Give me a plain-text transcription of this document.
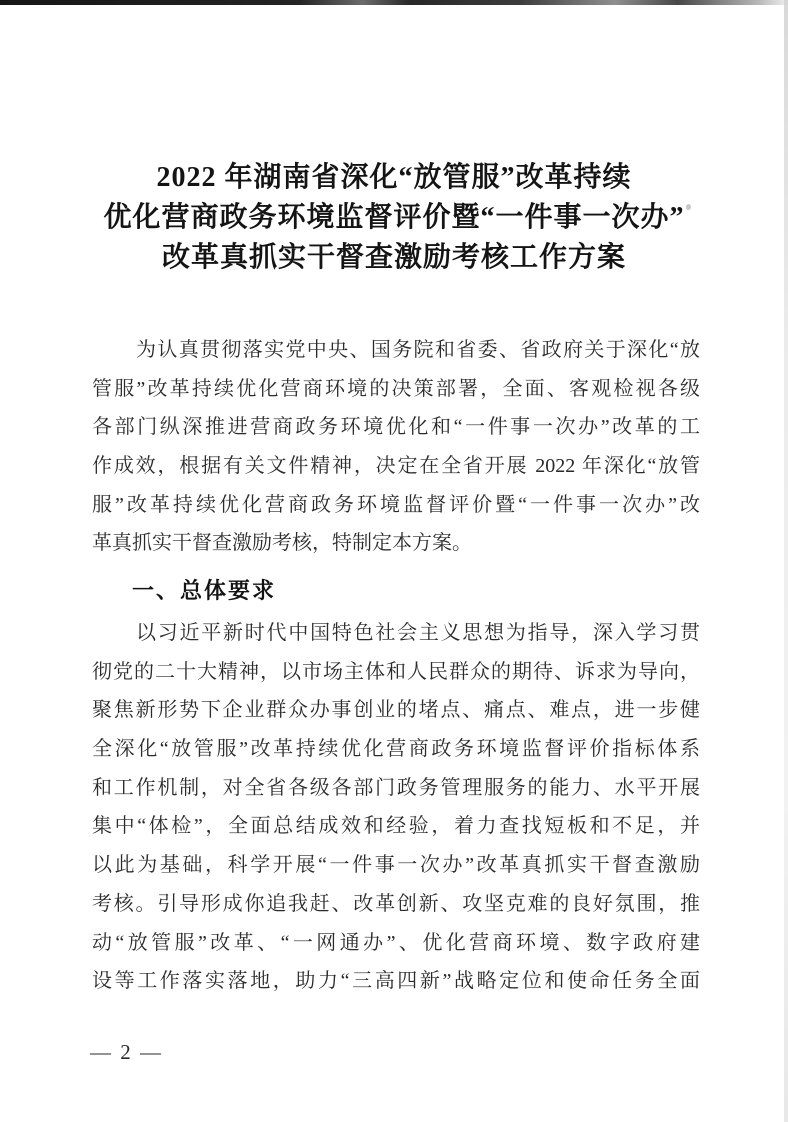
2022 年湖南省深化“放管服”改革持续
优化营商政务环境监督评价暨“一件事一次办”
改革真抓实干督查激励考核工作方案
为认真贯彻落实党中央、国务院和省委、省政府关于深化“放
管服”改革持续优化营商环境的决策部署，全面、客观检视各级
各部门纵深推进营商政务环境优化和“一件事一次办”改革的工
作成效，根据有关文件精神，决定在全省开展 2022 年深化“放管
服”改革持续优化营商政务环境监督评价暨“一件事一次办”改
革真抓实干督查激励考核，特制定本方案。
一、总体要求
以习近平新时代中国特色社会主义思想为指导，深入学习贯
彻党的二十大精神，以市场主体和人民群众的期待、诉求为导向，
聚焦新形势下企业群众办事创业的堵点、痛点、难点，进一步健
全深化“放管服”改革持续优化营商政务环境监督评价指标体系
和工作机制，对全省各级各部门政务管理服务的能力、水平开展
集中“体检”，全面总结成效和经验，着力查找短板和不足，并
以此为基础，科学开展“一件事一次办”改革真抓实干督查激励
考核。引导形成你追我赶、改革创新、攻坚克难的良好氛围，推
动“放管服”改革、“一网通办”、优化营商环境、数字政府建
设等工作落实落地，助力“三高四新”战略定位和使命任务全面
— 2 —
